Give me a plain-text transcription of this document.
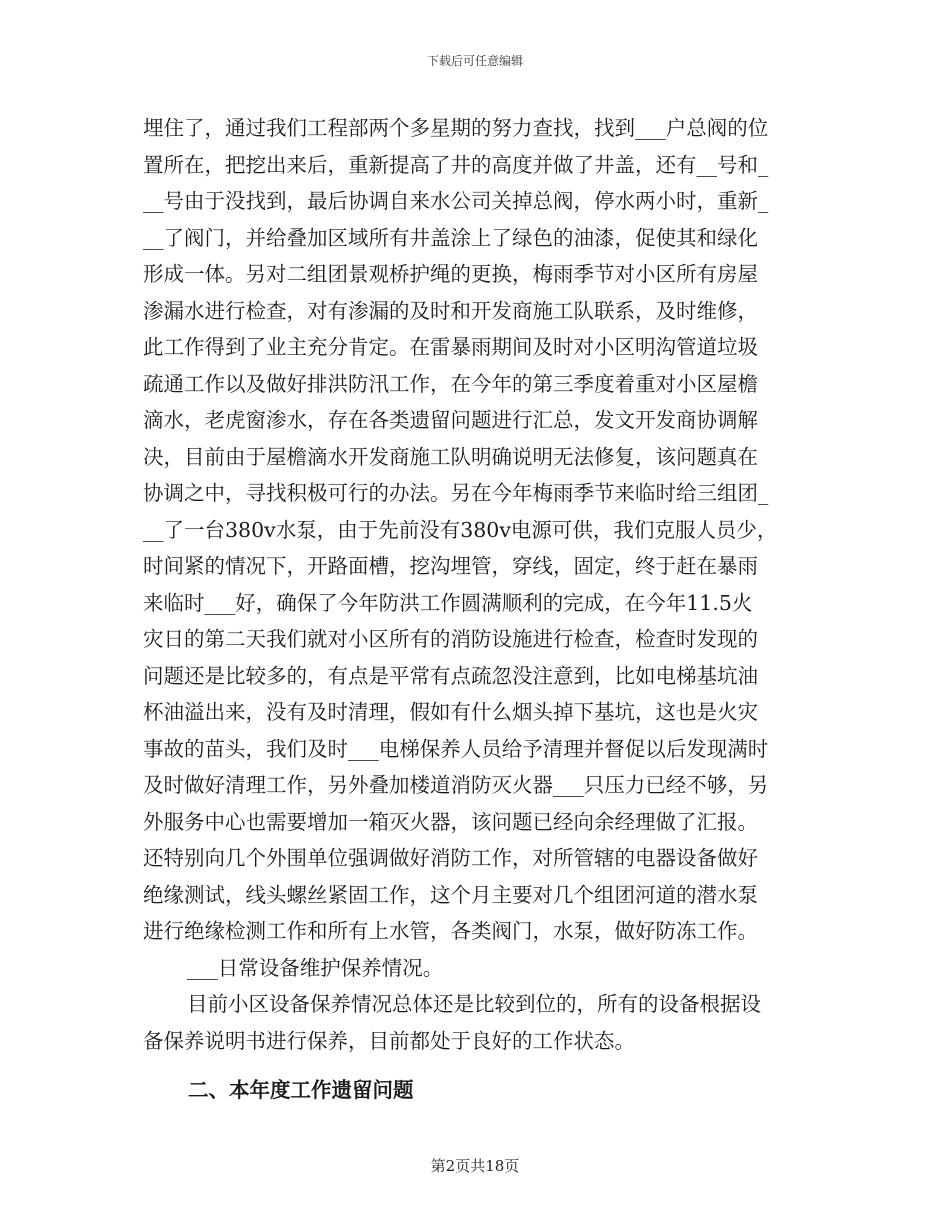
下载后可任意编辑
埋住了，通过我们工程部两个多星期的努力查找，找到___户总阀的位
置所在，把挖出来后，重新提高了井的高度并做了井盖，还有__号和_
__号由于没找到，最后协调自来水公司关掉总阀，停水两小时，重新_
__了阀门，并给叠加区域所有井盖涂上了绿色的油漆，促使其和绿化
形成一体。另对二组团景观桥护绳的更换，梅雨季节对小区所有房屋
渗漏水进行检查，对有渗漏的及时和开发商施工队联系，及时维修，
此工作得到了业主充分肯定。在雷暴雨期间及时对小区明沟管道垃圾
疏通工作以及做好排洪防汛工作，在今年的第三季度着重对小区屋檐
滴水，老虎窗渗水，存在各类遗留问题进行汇总，发文开发商协调解
决，目前由于屋檐滴水开发商施工队明确说明无法修复，该问题真在
协调之中，寻找积极可行的办法。另在今年梅雨季节来临时给三组团_
__了一台380v水泵，由于先前没有380v电源可供，我们克服人员少，
时间紧的情况下，开路面槽，挖沟埋管，穿线，固定，终于赶在暴雨
来临时___好，确保了今年防洪工作圆满顺利的完成，在今年11.5火
灾日的第二天我们就对小区所有的消防设施进行检查，检查时发现的
问题还是比较多的，有点是平常有点疏忽没注意到，比如电梯基坑油
杯油溢出来，没有及时清理，假如有什么烟头掉下基坑，这也是火灾
事故的苗头，我们及时___电梯保养人员给予清理并督促以后发现满时
及时做好清理工作，另外叠加楼道消防灭火器___只压力已经不够，另
外服务中心也需要增加一箱灭火器，该问题已经向余经理做了汇报。
还特别向几个外围单位强调做好消防工作，对所管辖的电器设备做好
绝缘测试，线头螺丝紧固工作，这个月主要对几个组团河道的潜水泵
进行绝缘检测工作和所有上水管，各类阀门，水泵，做好防冻工作。
___日常设备维护保养情况。
目前小区设备保养情况总体还是比较到位的，所有的设备根据设
备保养说明书进行保养，目前都处于良好的工作状态。
二、本年度工作遗留问题
第2页共18页
